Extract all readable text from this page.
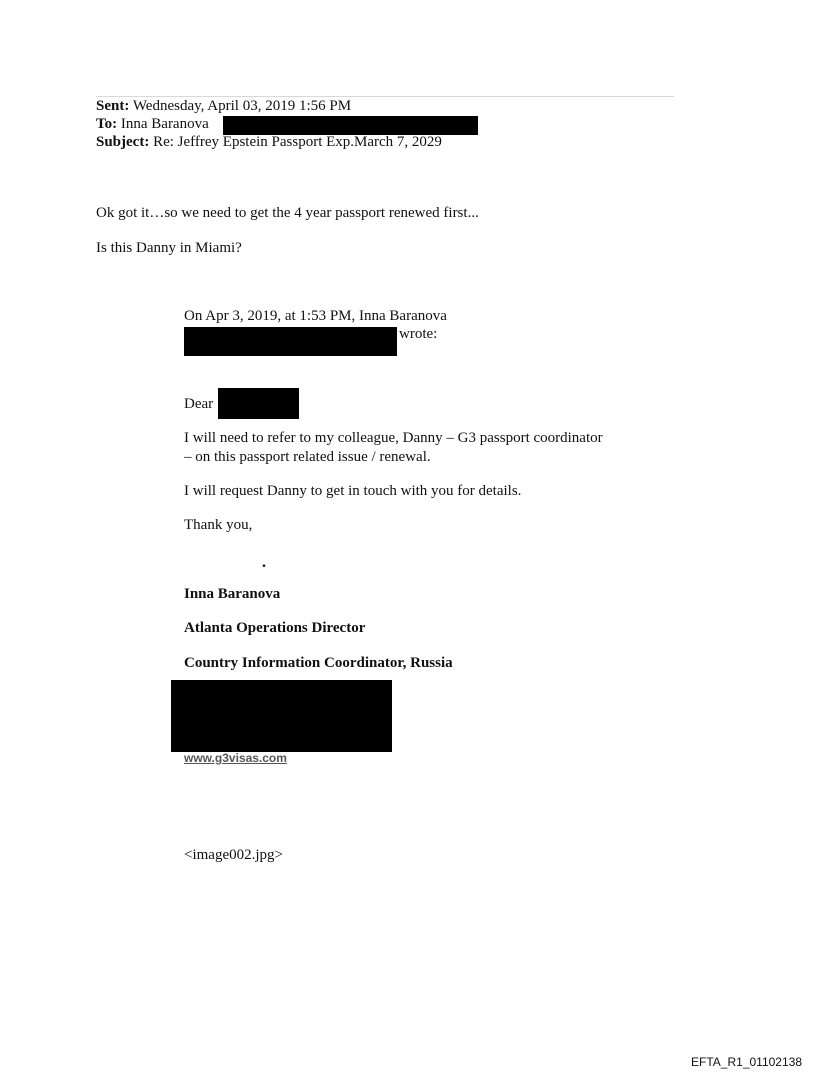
Sent: Wednesday, April 03, 2019 1:56 PM
To: Inna Baranova
Subject: Re: Jeffrey Epstein Passport Exp.March 7, 2029
Ok got it…so we need to get the 4 year passport renewed first...
Is this Danny in Miami?
On Apr 3, 2019, at 1:53 PM, Inna Baranova
wrote:
Dear
I will need to refer to my colleague, Danny – G3 passport coordinator
– on this passport related issue / renewal.
I will request Danny to get in touch with you for details.
Thank you,
.
Inna Baranova
Atlanta Operations Director
Country Information Coordinator, Russia
www.g3visas.com
<image002.jpg>
EFTA_R1_01102138
